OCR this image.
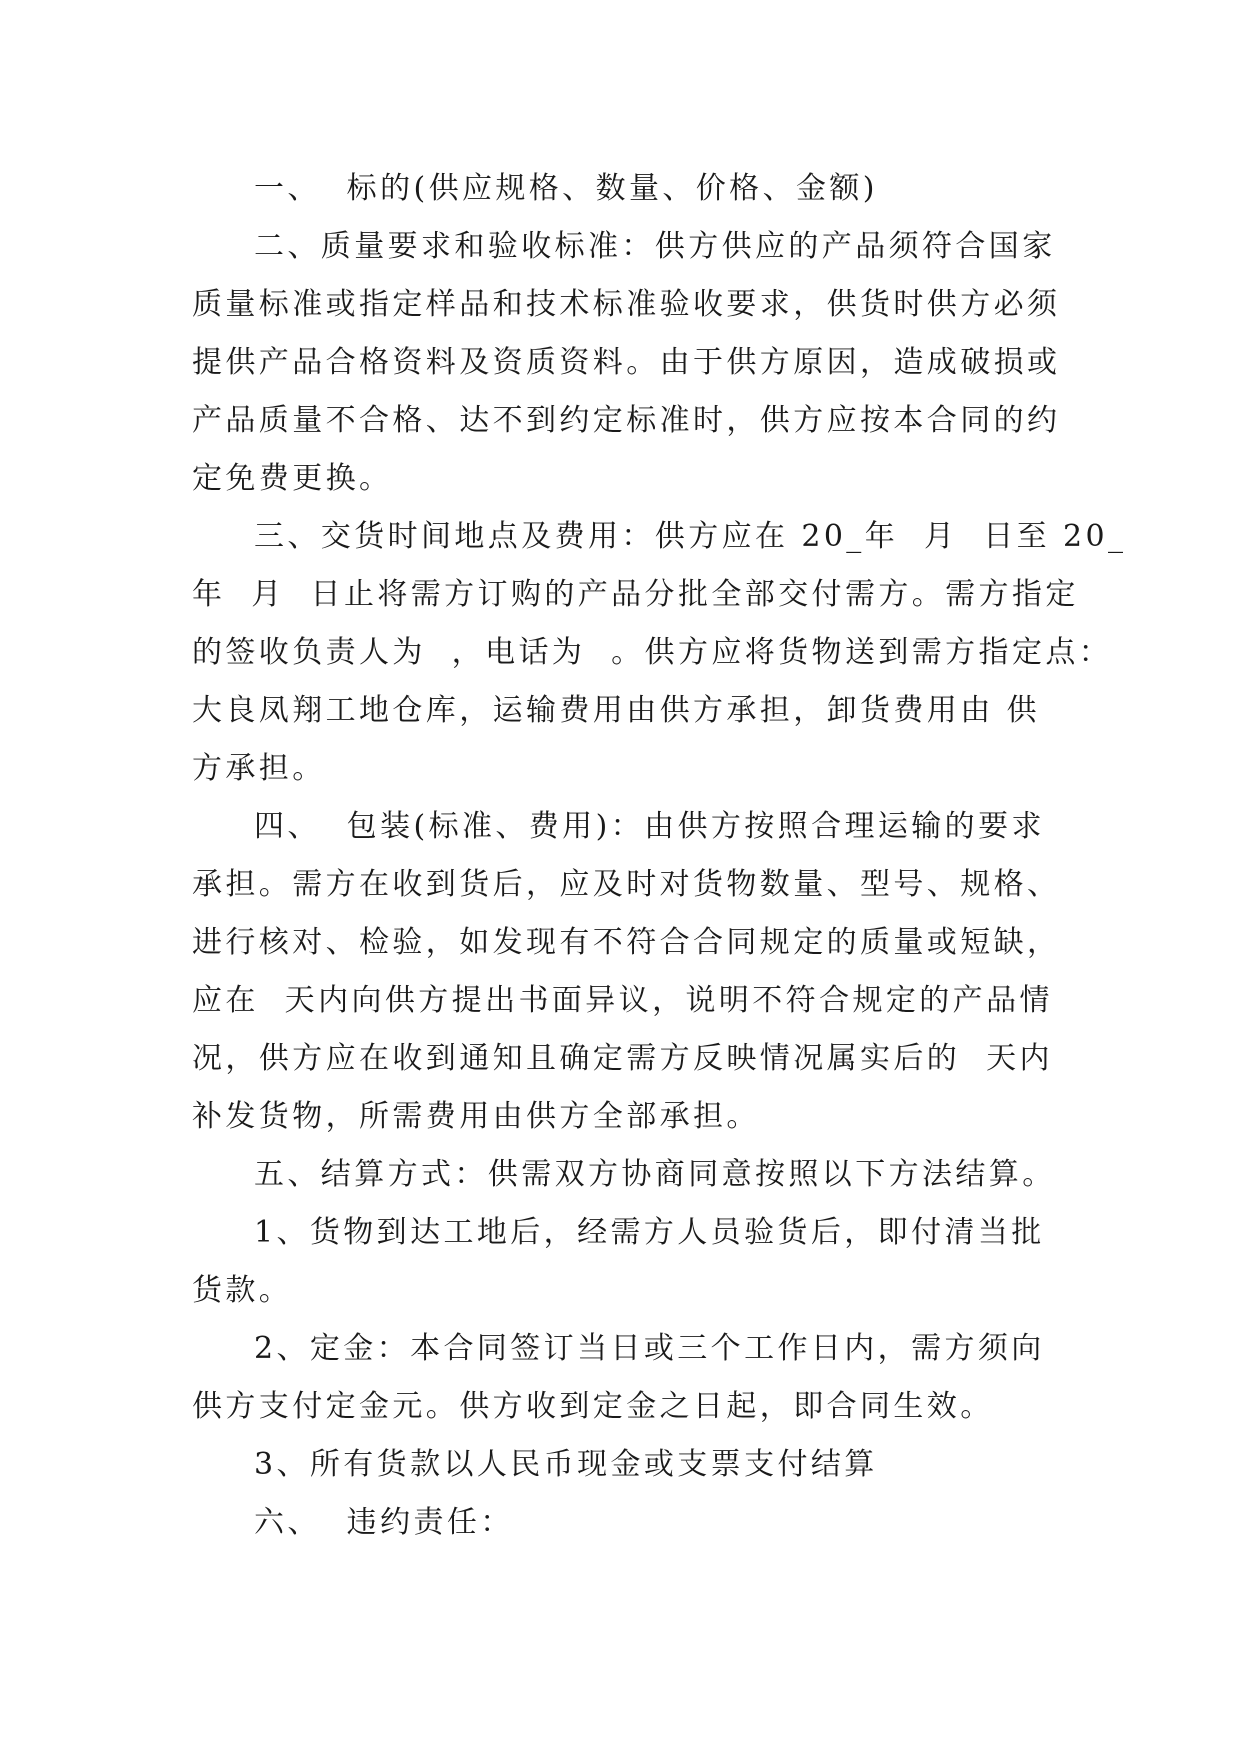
一、  标的(供应规格、数量、价格、金额)
二、质量要求和验收标准：供方供应的产品须符合国家
质量标准或指定样品和技术标准验收要求，供货时供方必须
提供产品合格资料及资质资料。由于供方原因，造成破损或
产品质量不合格、达不到约定标准时，供方应按本合同的约
定免费更换。
三、交货时间地点及费用：供方应在 20_年  月  日至 20_
年  月  日止将需方订购的产品分批全部交付需方。需方指定
的签收负责人为  ，电话为  。供方应将货物送到需方指定点：
大良凤翔工地仓库，运输费用由供方承担，卸货费用由 供
方承担。
四、  包装(标准、费用)：由供方按照合理运输的要求
承担。需方在收到货后，应及时对货物数量、型号、规格、
进行核对、检验，如发现有不符合合同规定的质量或短缺，
应在  天内向供方提出书面异议，说明不符合规定的产品情
况，供方应在收到通知且确定需方反映情况属实后的  天内
补发货物，所需费用由供方全部承担。
五、结算方式：供需双方协商同意按照以下方法结算。
1、货物到达工地后，经需方人员验货后，即付清当批
货款。
2、定金：本合同签订当日或三个工作日内，需方须向
供方支付定金元。供方收到定金之日起，即合同生效。
3、所有货款以人民币现金或支票支付结算
六、  违约责任：
